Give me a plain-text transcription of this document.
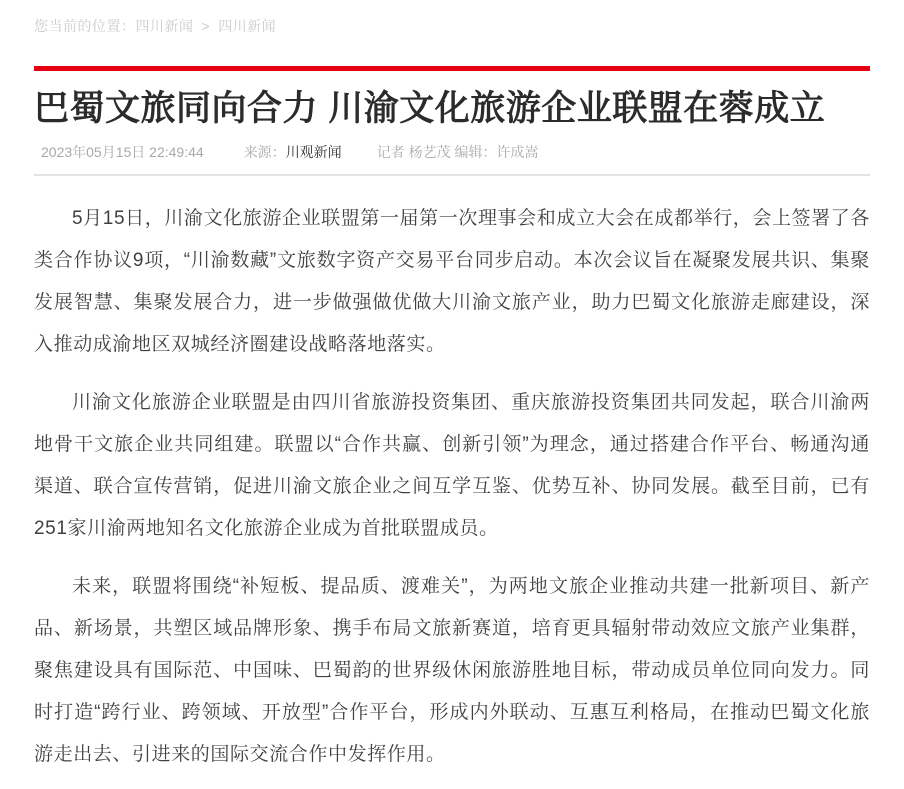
您当前的位置：四川新闻 > 四川新闻
巴蜀文旅同向合力 川渝文化旅游企业联盟在蓉成立
2023年05月15日 22:49:44	来源：川观新闻	记者 杨艺茂 编辑：许成嵩

5月15日，川渝文化旅游企业联盟第一届第一次理事会和成立大会在成都举行，会上签署了各类合作协议9项，“川渝数藏”文旅数字资产交易平台同步启动。本次会议旨在凝聚发展共识、集聚发展智慧、集聚发展合力，进一步做强做优做大川渝文旅产业，助力巴蜀文化旅游走廊建设，深入推动成渝地区双城经济圈建设战略落地落实。

川渝文化旅游企业联盟是由四川省旅游投资集团、重庆旅游投资集团共同发起，联合川渝两地骨干文旅企业共同组建。联盟以“合作共赢、创新引领”为理念，通过搭建合作平台、畅通沟通渠道、联合宣传营销，促进川渝文旅企业之间互学互鉴、优势互补、协同发展。截至目前，已有251家川渝两地知名文化旅游企业成为首批联盟成员。

未来，联盟将围绕“补短板、提品质、渡难关”，为两地文旅企业推动共建一批新项目、新产品、新场景，共塑区域品牌形象、携手布局文旅新赛道，培育更具辐射带动效应文旅产业集群，聚焦建设具有国际范、中国味、巴蜀韵的世界级休闲旅游胜地目标，带动成员单位同向发力。同时打造“跨行业、跨领域、开放型”合作平台，形成内外联动、互惠互利格局，在推动巴蜀文化旅游走出去、引进来的国际交流合作中发挥作用。
